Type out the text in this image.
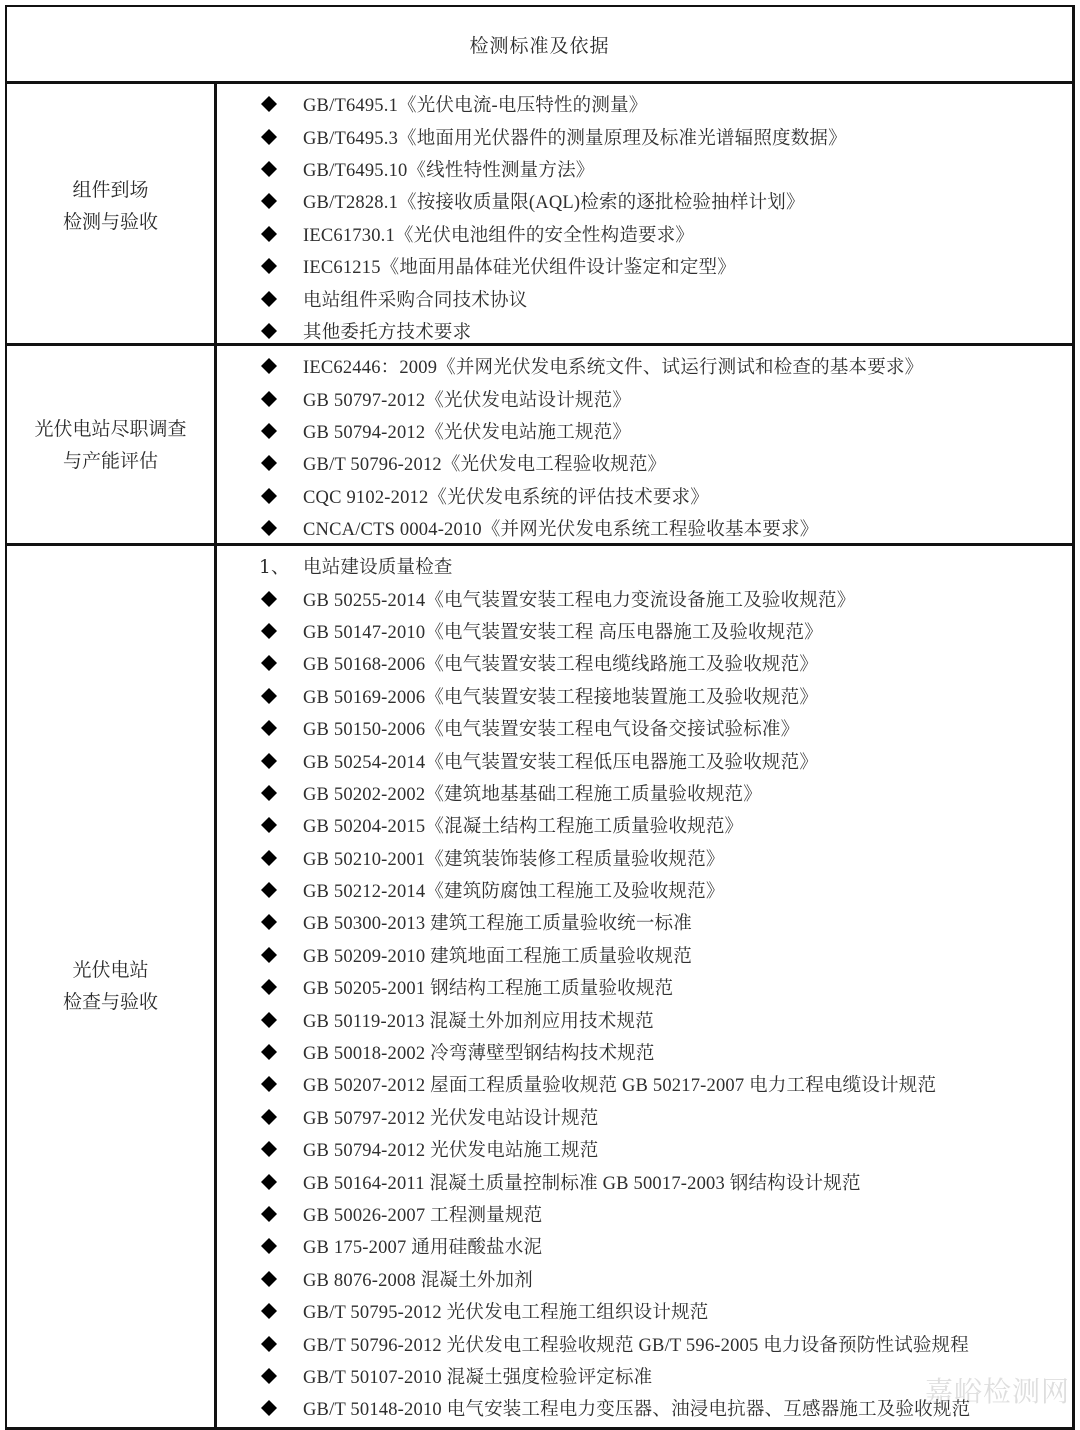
检测标准及依据
组件到场
检测与验收
GB/T6495.1《光伏电流-电压特性的测量》
GB/T6495.3《地面用光伏器件的测量原理及标准光谱辐照度数据》
GB/T6495.10《线性特性测量方法》
GB/T2828.1《按接收质量限(AQL)检索的逐批检验抽样计划》
IEC61730.1《光伏电池组件的安全性构造要求》
IEC61215《地面用晶体硅光伏组件设计鉴定和定型》
电站组件采购合同技术协议
其他委托方技术要求
光伏电站尽职调查
与产能评估
IEC62446：2009《并网光伏发电系统文件、试运行测试和检查的基本要求》
GB 50797-2012《光伏发电站设计规范》
GB 50794-2012《光伏发电站施工规范》
GB/T 50796-2012《光伏发电工程验收规范》
CQC 9102-2012《光伏发电系统的评估技术要求》
CNCA/CTS 0004-2010《并网光伏发电系统工程验收基本要求》
光伏电站
检查与验收
1、 电站建设质量检查
GB 50255-2014《电气装置安装工程电力变流设备施工及验收规范》
GB 50147-2010《电气装置安装工程 高压电器施工及验收规范》
GB 50168-2006《电气装置安装工程电缆线路施工及验收规范》
GB 50169-2006《电气装置安装工程接地装置施工及验收规范》
GB 50150-2006《电气装置安装工程电气设备交接试验标准》
GB 50254-2014《电气装置安装工程低压电器施工及验收规范》
GB 50202-2002《建筑地基基础工程施工质量验收规范》
GB 50204-2015《混凝土结构工程施工质量验收规范》
GB 50210-2001《建筑装饰装修工程质量验收规范》
GB 50212-2014《建筑防腐蚀工程施工及验收规范》
GB 50300-2013 建筑工程施工质量验收统一标准
GB 50209-2010 建筑地面工程施工质量验收规范
GB 50205-2001 钢结构工程施工质量验收规范
GB 50119-2013 混凝土外加剂应用技术规范
GB 50018-2002 冷弯薄壁型钢结构技术规范
GB 50207-2012 屋面工程质量验收规范 GB 50217-2007 电力工程电缆设计规范
GB 50797-2012 光伏发电站设计规范
GB 50794-2012 光伏发电站施工规范
GB 50164-2011 混凝土质量控制标准 GB 50017-2003 钢结构设计规范
GB 50026-2007 工程测量规范
GB 175-2007 通用硅酸盐水泥
GB 8076-2008 混凝土外加剂
GB/T 50795-2012 光伏发电工程施工组织设计规范
GB/T 50796-2012 光伏发电工程验收规范 GB/T 596-2005 电力设备预防性试验规程
GB/T 50107-2010 混凝土强度检验评定标准
GB/T 50148-2010 电气安装工程电力变压器、油浸电抗器、互感器施工及验收规范
嘉峪检测网
